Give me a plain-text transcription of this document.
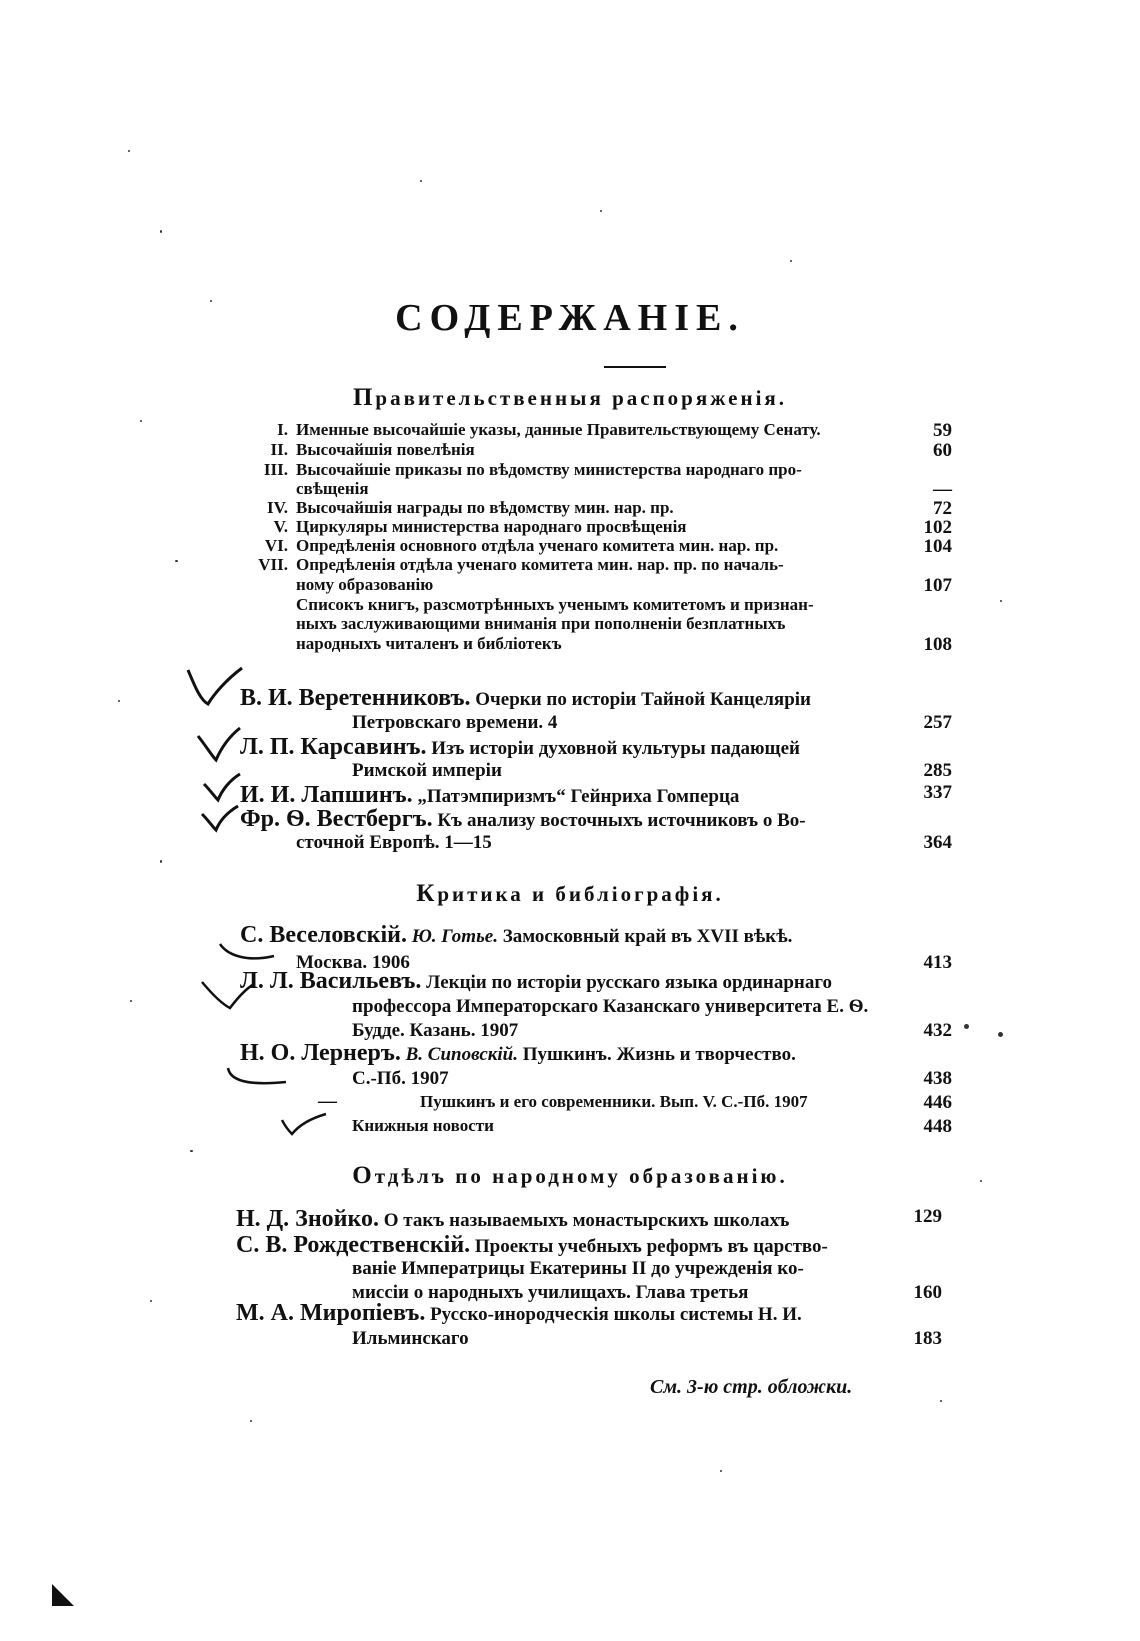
СОДЕРЖАНІЕ.
Правительственныя распоряженія.
I. Именные высочайшіе указы, данные Правительствующему Сенату.	59
II. Высочайшія повелѣнія	60
III. Высочайшіе приказы по вѣдомству министерства народнаго про-
свѣщенія	—
IV. Высочайшія награды по вѣдомству мин. нар. пр.	72
V. Циркуляры министерства народнаго просвѣщенія	102
VI. Опредѣленія основного отдѣла ученаго комитета мин. нар. пр.	104
VII. Опредѣленія отдѣла ученаго комитета мин. нар. пр. по началь-
ному образованію	107
Списокъ книгъ, разсмотрѣнныхъ ученымъ комитетомъ и признан-
ныхъ заслуживающими вниманія при пополненіи безплатныхъ
народныхъ читаленъ и библіотекъ	108
В. И. Веретенниковъ. Очерки по исторіи Тайной Канцеляріи
Петровскаго времени. 4	257
Л. П. Карсавинъ. Изъ исторіи духовной культуры падающей
Римской имперіи	285
И. И. Лапшинъ. „Патэмпиризмъ“ Гейнриха Гомперца	337
Фр. Ѳ. Вестбергъ. Къ анализу восточныхъ источниковъ о Во-
сточной Европѣ. 1—15	364
Критика и библіографія.
С. Веселовскій. Ю. Готье. Замосковный край въ XVII вѣкѣ.
Москва. 1906	413
Л. Л. Васильевъ. Лекціи по исторіи русскаго языка ординарнаго
профессора Императорскаго Казанскаго университета Е. Ѳ.
Будде. Казань. 1907	432
Н. О. Лернеръ. В. Сиповскій. Пушкинъ. Жизнь и творчество.
С.-Пб. 1907	438
—	Пушкинъ и его современники. Вып. V. С.-Пб. 1907	446
Книжныя новости	448
Отдѣлъ по народному образованію.
Н. Д. Знойко. О такъ называемыхъ монастырскихъ школахъ	129
С. В. Рождественскій. Проекты учебныхъ реформъ въ царство-
ваніе Императрицы Екатерины II до учрежденія ко-
миссіи о народныхъ училищахъ. Глава третья	160
М. А. Миропіевъ. Русско-инородческія школы системы Н. И.
Ильминскаго	183
См. 3-ю стр. обложки.
